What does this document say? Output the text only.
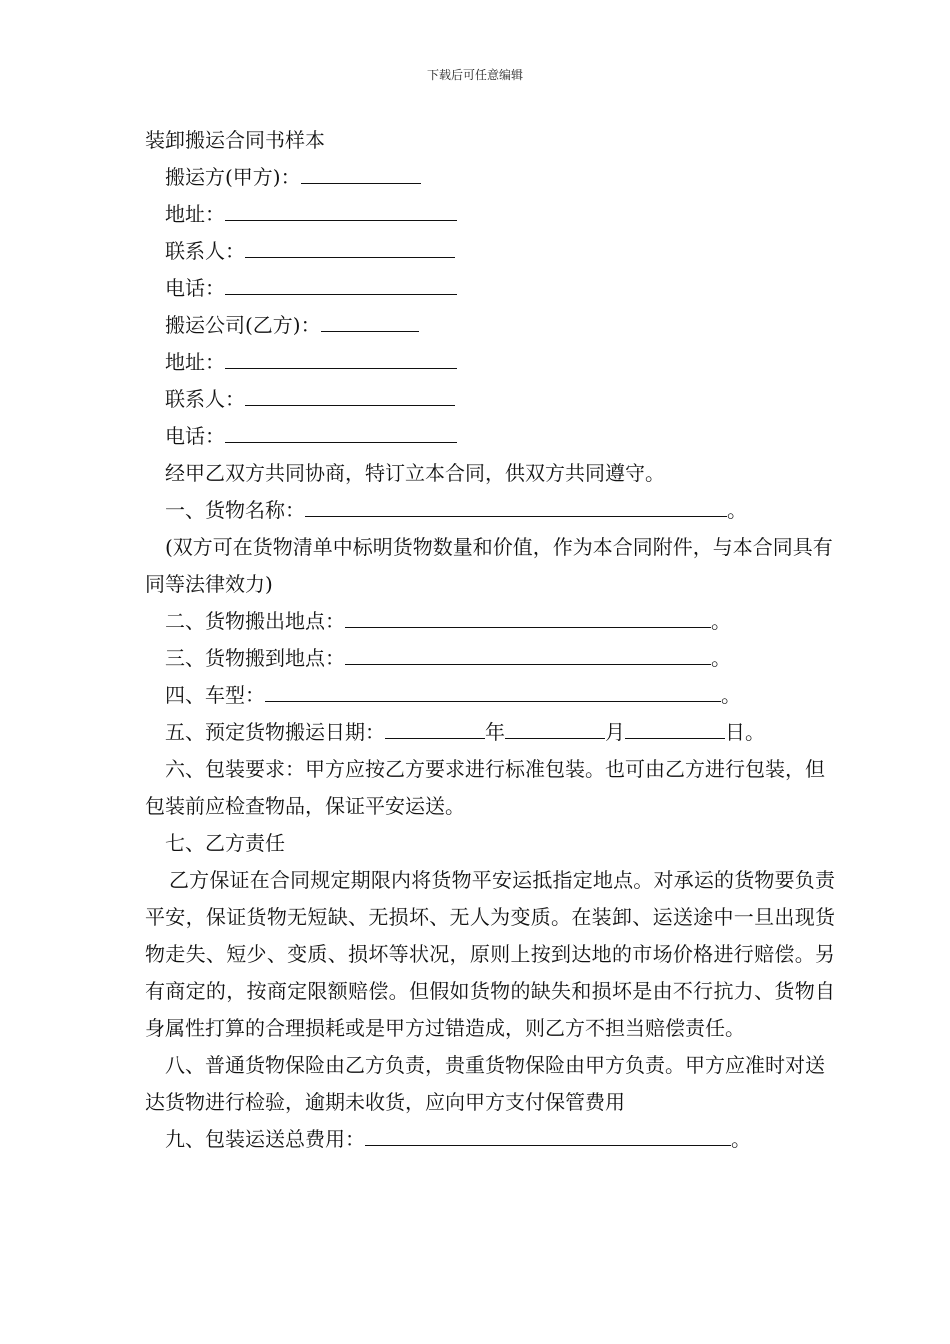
下载后可任意编辑
装卸搬运合同书样本
搬运方(甲方)：
地址：
联系人：
电话：
搬运公司(乙方)：
地址：
联系人：
电话：
经甲乙双方共同协商，特订立本合同，供双方共同遵守。
一、货物名称：	。
(双方可在货物清单中标明货物数量和价值，作为本合同附件，与本合同具有同等法律效力)
二、货物搬出地点：	。
三、货物搬到地点：	。
四、车型：	。
五、预定货物搬运日期：	年	月	日。
六、包装要求：甲方应按乙方要求进行标准包装。也可由乙方进行包装，但包装前应检查物品，保证平安运送。
七、乙方责任
乙方保证在合同规定期限内将货物平安运抵指定地点。对承运的货物要负责平安，保证货物无短缺、无损坏、无人为变质。在装卸、运送途中一旦出现货物走失、短少、变质、损坏等状况，原则上按到达地的市场价格进行赔偿。另有商定的，按商定限额赔偿。但假如货物的缺失和损坏是由不行抗力、货物自身属性打算的合理损耗或是甲方过错造成，则乙方不担当赔偿责任。
八、普通货物保险由乙方负责，贵重货物保险由甲方负责。甲方应准时对送达货物进行检验，逾期未收货，应向甲方支付保管费用
九、包装运送总费用：	。
